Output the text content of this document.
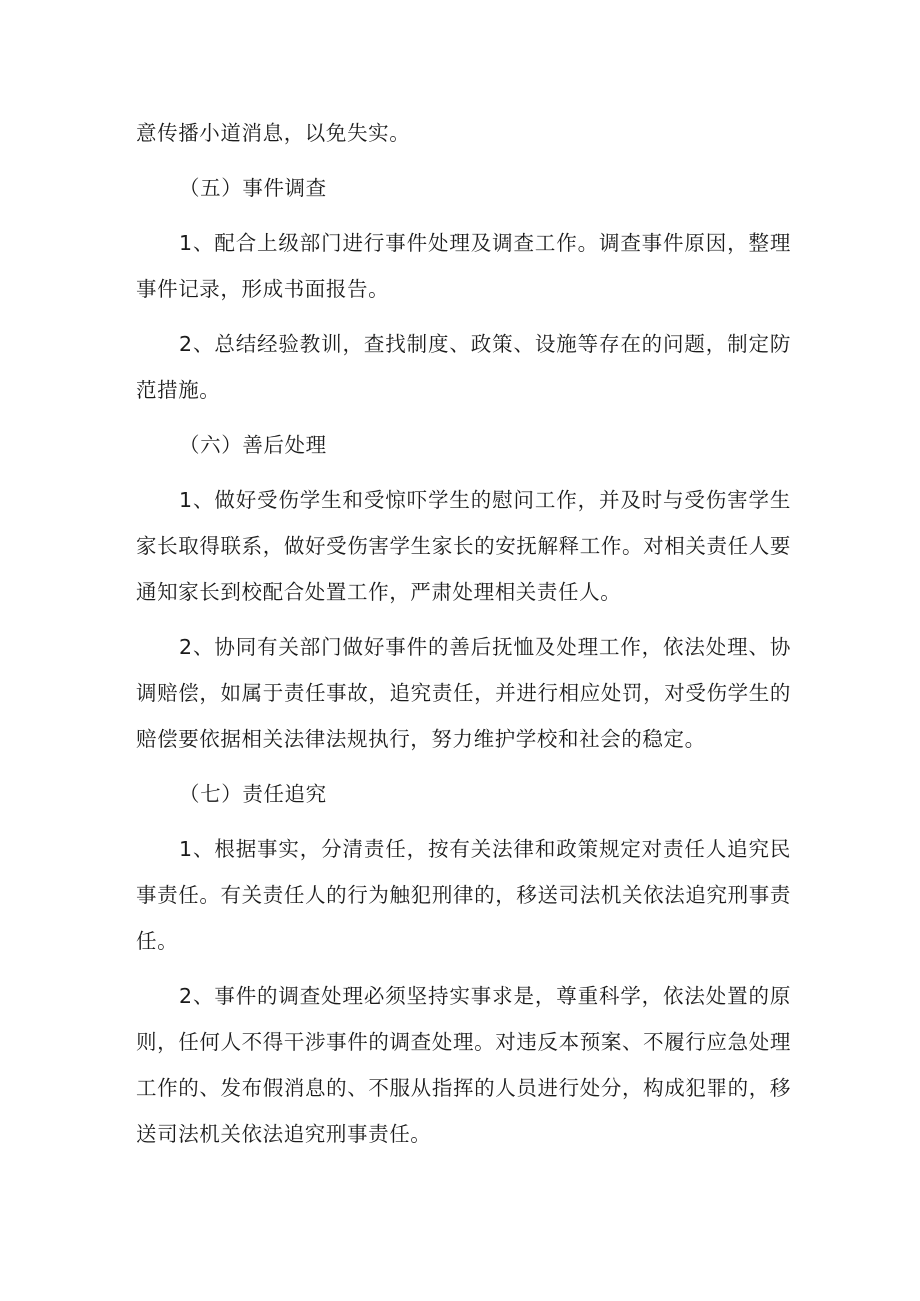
意传播小道消息，以免失实。

（五）事件调查

1、配合上级部门进行事件处理及调查工作。调查事件原因，整理事件记录，形成书面报告。

2、总结经验教训，查找制度、政策、设施等存在的问题，制定防范措施。

（六）善后处理

1、做好受伤学生和受惊吓学生的慰问工作，并及时与受伤害学生家长取得联系，做好受伤害学生家长的安抚解释工作。对相关责任人要通知家长到校配合处置工作，严肃处理相关责任人。

2、协同有关部门做好事件的善后抚恤及处理工作，依法处理、协调赔偿，如属于责任事故，追究责任，并进行相应处罚，对受伤学生的赔偿要依据相关法律法规执行，努力维护学校和社会的稳定。

（七）责任追究

1、根据事实，分清责任，按有关法律和政策规定对责任人追究民事责任。有关责任人的行为触犯刑律的，移送司法机关依法追究刑事责任。

2、事件的调查处理必须坚持实事求是，尊重科学，依法处置的原则，任何人不得干涉事件的调查处理。对违反本预案、不履行应急处理工作的、发布假消息的、不服从指挥的人员进行处分，构成犯罪的，移送司法机关依法追究刑事责任。
